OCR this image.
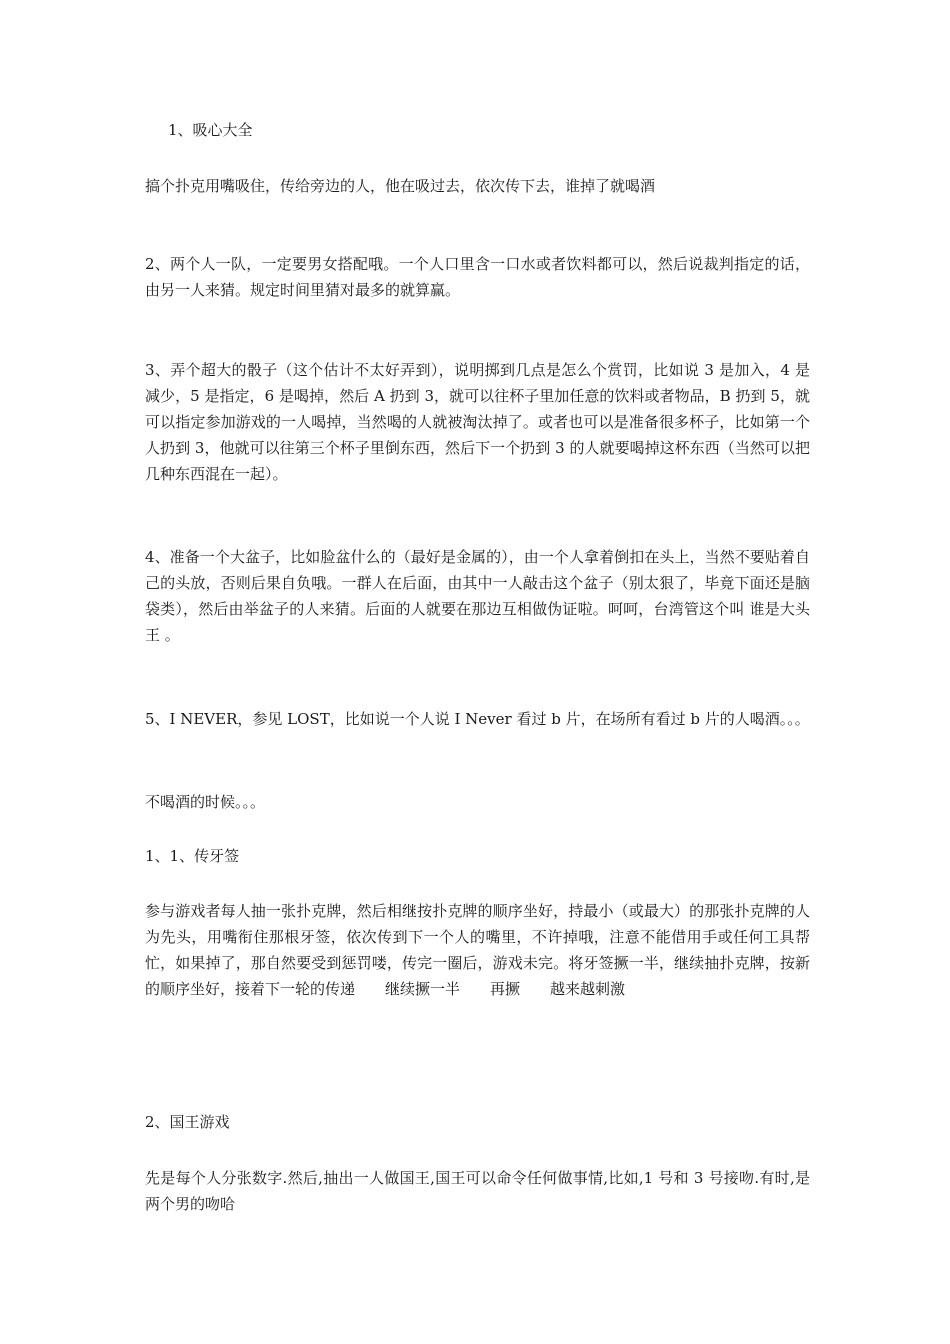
1、吸心大全

搞个扑克用嘴吸住，传给旁边的人，他在吸过去，依次传下去，谁掉了就喝酒

2、两个人一队，一定要男女搭配哦。一个人口里含一口水或者饮料都可以，然后说裁判指定的话，由另一人来猜。规定时间里猜对最多的就算赢。

3、弄个超大的骰子（这个估计不太好弄到），说明掷到几点是怎么个赏罚，比如说 3 是加入，4 是减少，5 是指定，6 是喝掉，然后 A 扔到 3，就可以往杯子里加任意的饮料或者物品，B 扔到 5，就可以指定参加游戏的一人喝掉，当然喝的人就被淘汰掉了。或者也可以是准备很多杯子，比如第一个人扔到 3，他就可以往第三个杯子里倒东西，然后下一个扔到 3 的人就要喝掉这杯东西（当然可以把几种东西混在一起）。

4、准备一个大盆子，比如脸盆什么的（最好是金属的），由一个人拿着倒扣在头上，当然不要贴着自己的头放，否则后果自负哦。一群人在后面，由其中一人敲击这个盆子（别太狠了，毕竟下面还是脑袋类），然后由举盆子的人来猜。后面的人就要在那边互相做伪证啦。呵呵，台湾管这个叫 谁是大头王 。

5、I NEVER，参见 LOST，比如说一个人说 I Never 看过 b 片，在场所有看过 b 片的人喝酒。。。

不喝酒的时候。。。

1、1、传牙签

参与游戏者每人抽一张扑克牌，然后相继按扑克牌的顺序坐好，持最小（或最大）的那张扑克牌的人为先头，用嘴衔住那根牙签，依次传到下一个人的嘴里，不许掉哦，注意不能借用手或任何工具帮忙，如果掉了，那自然要受到惩罚喽，传完一圈后，游戏未完。将牙签撅一半，继续抽扑克牌，按新的顺序坐好，接着下一轮的传递　　继续撅一半　　再撅　　越来越刺激

2、国王游戏

先是每个人分张数字.然后,抽出一人做国王,国王可以命令任何做事情,比如,1 号和 3 号接吻.有时,是两个男的吻哈
